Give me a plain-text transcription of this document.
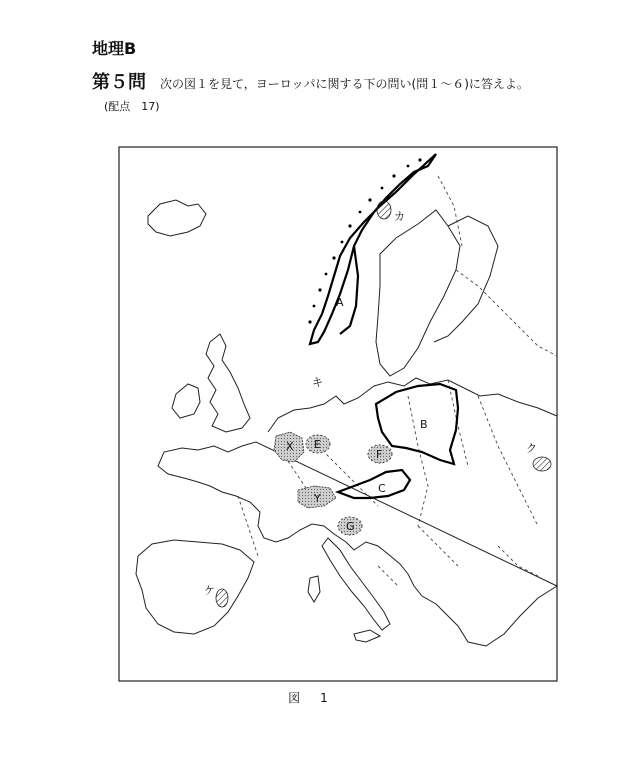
地理B
第５問 次の図１を見て，ヨーロッパに関する下の問い(問１～６)に答えよ。
(配点　17)
A
B
C
E
F
G
X
Y
カ
キ
ク
ケ
図　1
